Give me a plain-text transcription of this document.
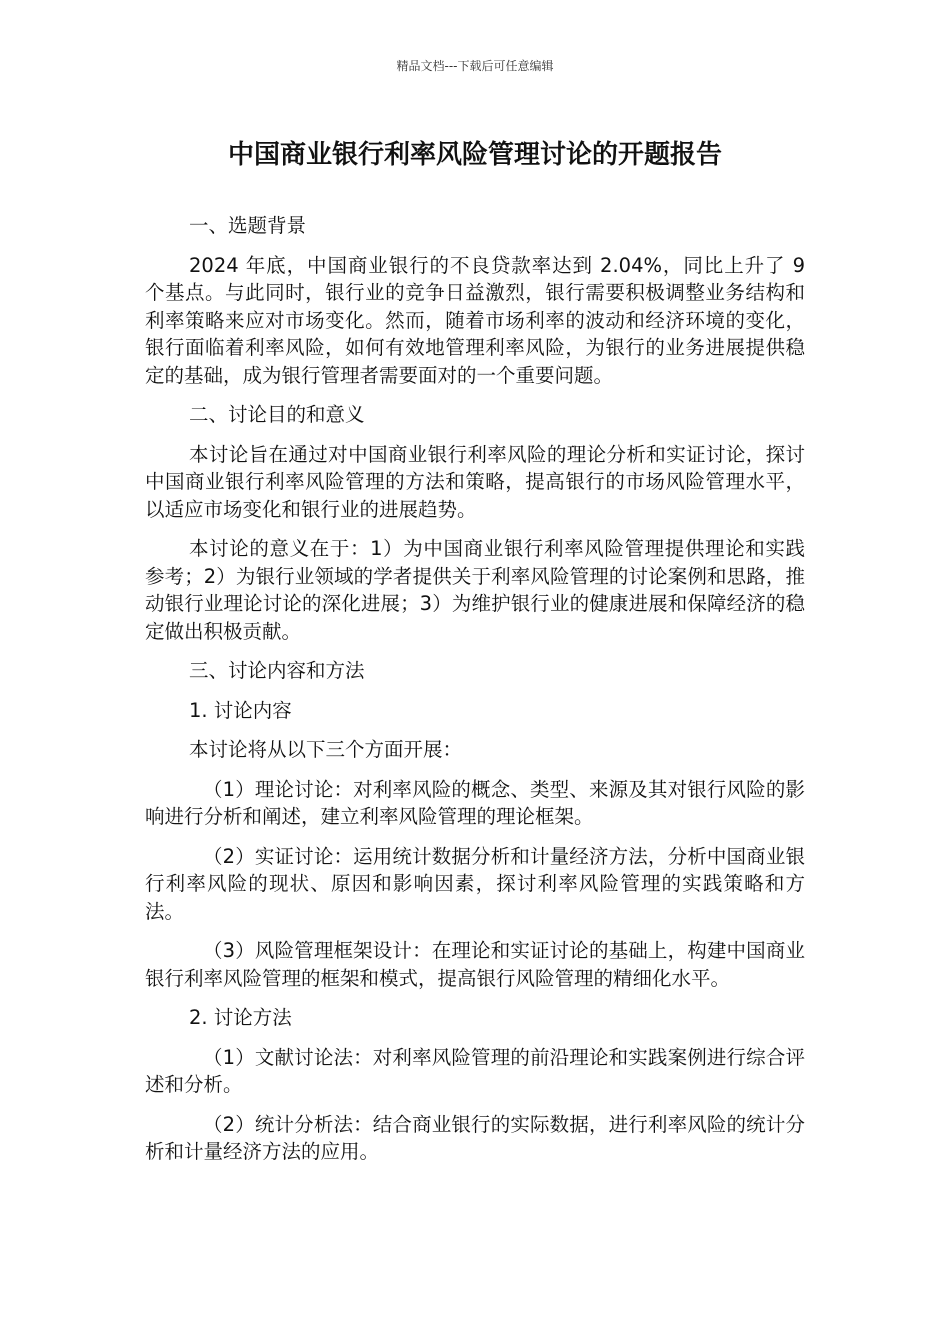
精品文档---下载后可任意编辑
中国商业银行利率风险管理讨论的开题报告

一、选题背景

2024 年底，中国商业银行的不良贷款率达到 2.04%，同比上升了 9 个基点。与此同时，银行业的竞争日益激烈，银行需要积极调整业务结构和利率策略来应对市场变化。然而，随着市场利率的波动和经济环境的变化，银行面临着利率风险，如何有效地管理利率风险，为银行的业务进展提供稳定的基础，成为银行管理者需要面对的一个重要问题。

二、讨论目的和意义

本讨论旨在通过对中国商业银行利率风险的理论分析和实证讨论，探讨中国商业银行利率风险管理的方法和策略，提高银行的市场风险管理水平，以适应市场变化和银行业的进展趋势。

本讨论的意义在于：1）为中国商业银行利率风险管理提供理论和实践参考；2）为银行业领域的学者提供关于利率风险管理的讨论案例和思路，推动银行业理论讨论的深化进展；3）为维护银行业的健康进展和保障经济的稳定做出积极贡献。

三、讨论内容和方法

1. 讨论内容

本讨论将从以下三个方面开展：

（1）理论讨论：对利率风险的概念、类型、来源及其对银行风险的影响进行分析和阐述，建立利率风险管理的理论框架。

（2）实证讨论：运用统计数据分析和计量经济方法，分析中国商业银行利率风险的现状、原因和影响因素，探讨利率风险管理的实践策略和方法。

（3）风险管理框架设计：在理论和实证讨论的基础上，构建中国商业银行利率风险管理的框架和模式，提高银行风险管理的精细化水平。

2. 讨论方法

（1）文献讨论法：对利率风险管理的前沿理论和实践案例进行综合评述和分析。

（2）统计分析法：结合商业银行的实际数据，进行利率风险的统计分析和计量经济方法的应用。
